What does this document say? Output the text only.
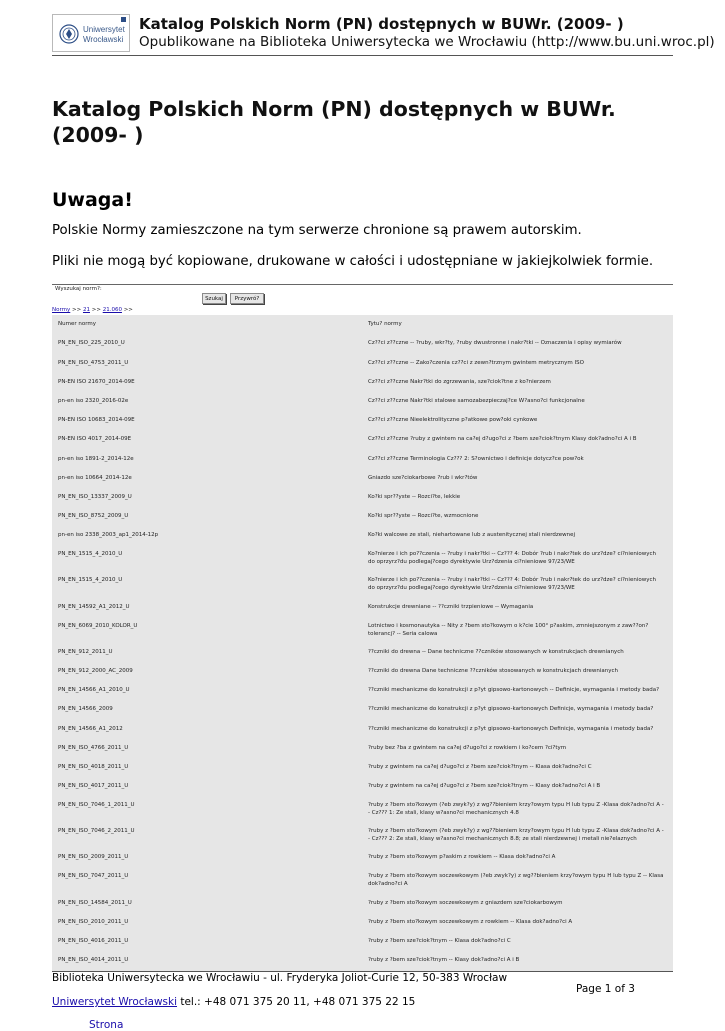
Uniwersytet
Wrocławski
Katalog Polskich Norm (PN) dostępnych w BUWr. (2009- )
Opublikowane na Biblioteka Uniwersytecka we Wrocławiu (http://www.bu.uni.wroc.pl)
Katalog Polskich Norm (PN) dostępnych w BUWr. (2009- )
Uwaga!
Polskie Normy zamieszczone na tym serwerze chronione są prawem autorskim.
Pliki nie mogą być kopiowane, drukowane w całości i udostępniane w jakiejkolwiek formie.
Wyszukaj norm?:
Szukaj	Przywró?
Normy >> 21 >> 21.060 >>
Numer normy	Tytu? normy
PN_EN_ISO_225_2010_U	Cz??ci z??czne -- ?ruby, wkr?ty, ?ruby dwustronne i nakr?tki -- Oznaczenia i opisy wymiarów
PN_EN_ISO_4753_2011_U	Cz??ci z??czne -- Zako?czenia cz??ci z zewn?trznym gwintem metrycznym ISO
PN-EN ISO 21670_2014-09E	Cz??ci z??czne Nakr?tki do zgrzewania, sze?ciok?tne z ko?nierzem
pn-en iso 2320_2016-02e	Cz??ci z??czne Nakr?tki stalowe samozabezpieczaj?ce W?asno?ci funkcjonalne
PN-EN ISO 10683_2014-09E	Cz??ci z??czne Nieelektrolityczne p?atkowe pow?oki cynkowe
PN-EN ISO 4017_2014-09E	Cz??ci z??czne ?ruby z gwintem na ca?ej d?ugo?ci z ?bem sze?ciok?tnym Klasy dok?adno?ci A i B
pn-en iso 1891-2_2014-12e	Cz??ci z??czne Terminologia Cz??? 2: S?ownictwo i definicje dotycz?ce pow?ok
pn-en iso 10664_2014-12e	Gniazdo sze?ciokarbowe ?rub i wkr?tów
PN_EN_ISO_13337_2009_U	Ko?ki spr??yste -- Rozci?te, lekkie
PN_EN_ISO_8752_2009_U	Ko?ki spr??yste -- Rozci?te, wzmocnione
pn-en iso 2338_2003_ap1_2014-12p	Ko?ki walcowe ze stali, niehartowane lub z austenitycznej stali nierdzewnej
PN_EN_1515_4_2010_U	Ko?nierze i ich po??czenia -- ?ruby i nakr?tki -- Cz??? 4: Dobór ?rub i nakr?tek do urz?dze? ci?nieniowych do oprzyrz?du podlegaj?cego dyrektywie Urz?dzenia ci?nieniowe 97/23/WE
PN_EN_1515_4_2010_U	Ko?nierze i ich po??czenia -- ?ruby i nakr?tki -- Cz??? 4: Dobór ?rub i nakr?tek do urz?dze? ci?nieniowych do oprzyrz?du podlegaj?cego dyrektywie Urz?dzenia ci?nieniowe 97/23/WE
PN_EN_14592_A1_2012_U	Konstrukcje drewniane -- ??czniki trzpieniowe -- Wymagania
PN_EN_6069_2010_KOLOR_U	Lotnictwo i kosmonautyka -- Nity z ?bem sto?kowym o k?cie 100° p?askim, zmniejszonym z zaw??on? tolerancj? -- Seria calowa
PN_EN_912_2011_U	??czniki do drewna -- Dane techniczne ??czników stosowanych w konstrukcjach drewnianych
PN_EN_912_2000_AC_2009	??czniki do drewna Dane techniczne ??czników stosowanych w konstrukcjach drewnianych
PN_EN_14566_A1_2010_U	??czniki mechaniczne do konstrukcji z p?yt gipsowo-kartonowych -- Definicje, wymagania i metody bada?
PN_EN_14566_2009	??czniki mechaniczne do konstrukcji z p?yt gipsowo-kartonowych Definicje, wymagania i metody bada?
PN_EN_14566_A1_2012	??czniki mechaniczne do konstrukcji z p?yt gipsowo-kartonowych Definicje, wymagania i metody bada?
PN_EN_ISO_4766_2011_U	?ruby bez ?ba z gwintem na ca?ej d?ugo?ci z rowkiem i ko?cem ?ci?tym
PN_EN_ISO_4018_2011_U	?ruby z gwintem na ca?ej d?ugo?ci z ?bem sze?ciok?tnym -- Klasa dok?adno?ci C
PN_EN_ISO_4017_2011_U	?ruby z gwintem na ca?ej d?ugo?ci z ?bem sze?ciok?tnym -- Klasy dok?adno?ci A i B
PN_EN_ISO_7046_1_2011_U	?ruby z ?bem sto?kowym (?eb zwyk?y) z wg??bieniem krzy?owym typu H lub typu Z -Klasa dok?adno?ci A -- Cz??? 1: Ze stali, klasy w?asno?ci mechanicznych 4.8
PN_EN_ISO_7046_2_2011_U	?ruby z ?bem sto?kowym (?eb zwyk?y) z wg??bieniem krzy?owym typu H lub typu Z -Klasa dok?adno?ci A -- Cz??? 2: Ze stali, klasy w?asno?ci mechanicznych 8.8; ze stali nierdzewnej i metali nie?elaznych
PN_EN_ISO_2009_2011_U	?ruby z ?bem sto?kowym p?askim z rowkiem -- Klasa dok?adno?ci A
PN_EN_ISO_7047_2011_U	?ruby z ?bem sto?kowym soczewkowym (?eb zwyk?y) z wg??bieniem krzy?owym typu H lub typu Z -- Klasa dok?adno?ci A
PN_EN_ISO_14584_2011_U	?ruby z ?bem sto?kowym soczewkowym z gniazdem sze?ciokarbowym
PN_EN_ISO_2010_2011_U	?ruby z ?bem sto?kowym soczewkowym z rowkiem -- Klasa dok?adno?ci A
PN_EN_ISO_4016_2011_U	?ruby z ?bem sze?ciok?tnym -- Klasa dok?adno?ci C
PN_EN_ISO_4014_2011_U	?ruby z ?bem sze?ciok?tnym -- Klasy dok?adno?ci A i B
Biblioteka Uniwersytecka we Wrocławiu - ul. Fryderyka Joliot-Curie 12, 50-383 Wrocław
Page 1 of 3
Uniwersytet Wrocławski tel.: +48 071 375 20 11, +48 071 375 22 15
Strona
